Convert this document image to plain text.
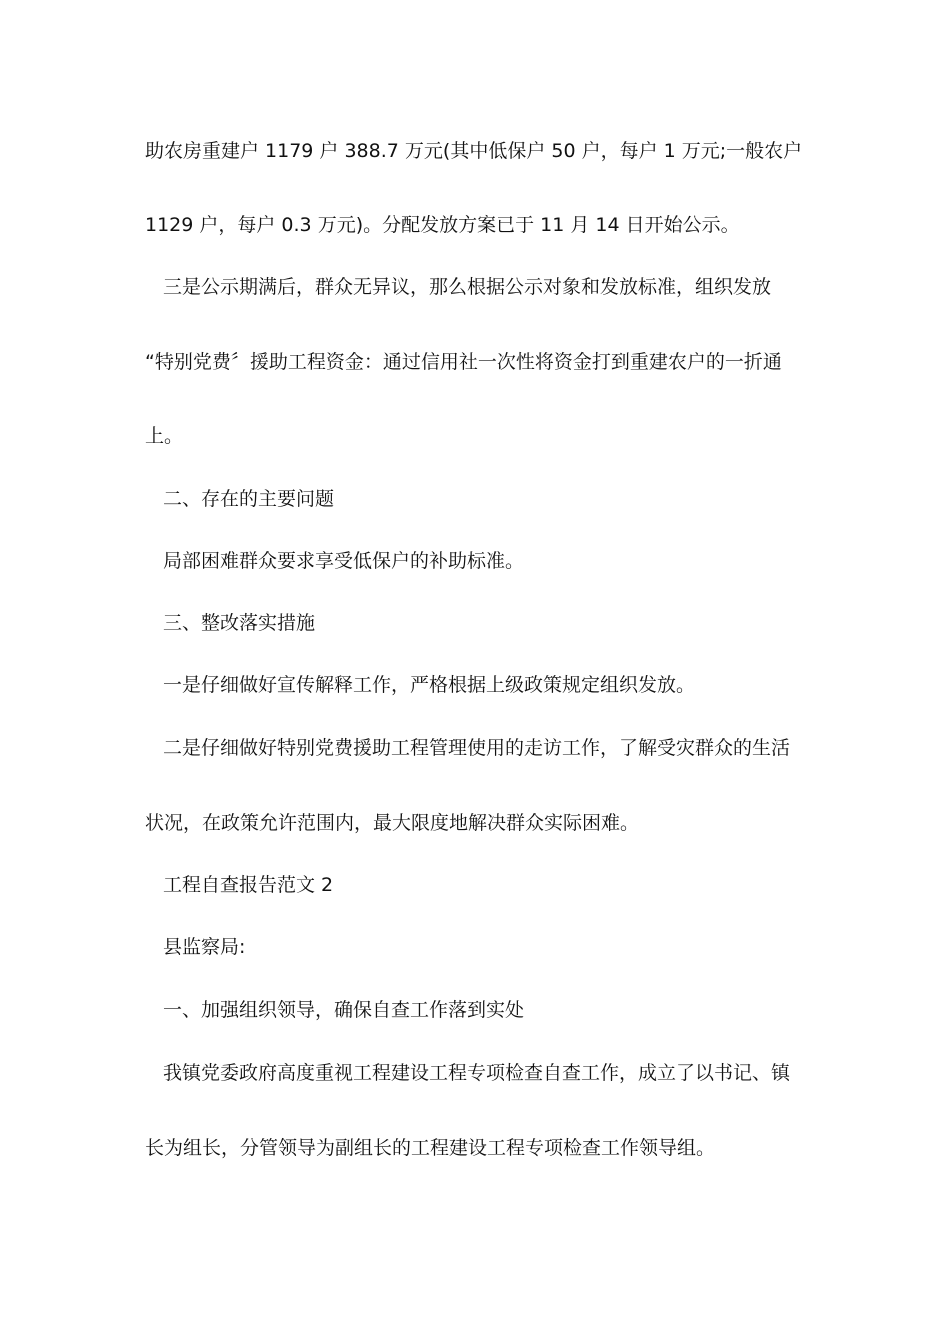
助农房重建户 1179 户 388.7 万元(其中低保户 50 户，每户 1 万元;一般农户
1129 户，每户 0.3 万元)。分配发放方案已于 11 月 14 日开始公示。
三是公示期满后，群众无异议，那么根据公示对象和发放标准，组织发放
“特别党费〞援助工程资金：通过信用社一次性将资金打到重建农户的一折通
上。
二、存在的主要问题
局部困难群众要求享受低保户的补助标准。
三、整改落实措施
一是仔细做好宣传解释工作，严格根据上级政策规定组织发放。
二是仔细做好特别党费援助工程管理使用的走访工作，了解受灾群众的生活
状况，在政策允许范围内，最大限度地解决群众实际困难。
工程自查报告范文 2
县监察局:
一、加强组织领导，确保自查工作落到实处
我镇党委政府高度重视工程建设工程专项检查自查工作，成立了以书记、镇
长为组长，分管领导为副组长的工程建设工程专项检查工作领导组。
